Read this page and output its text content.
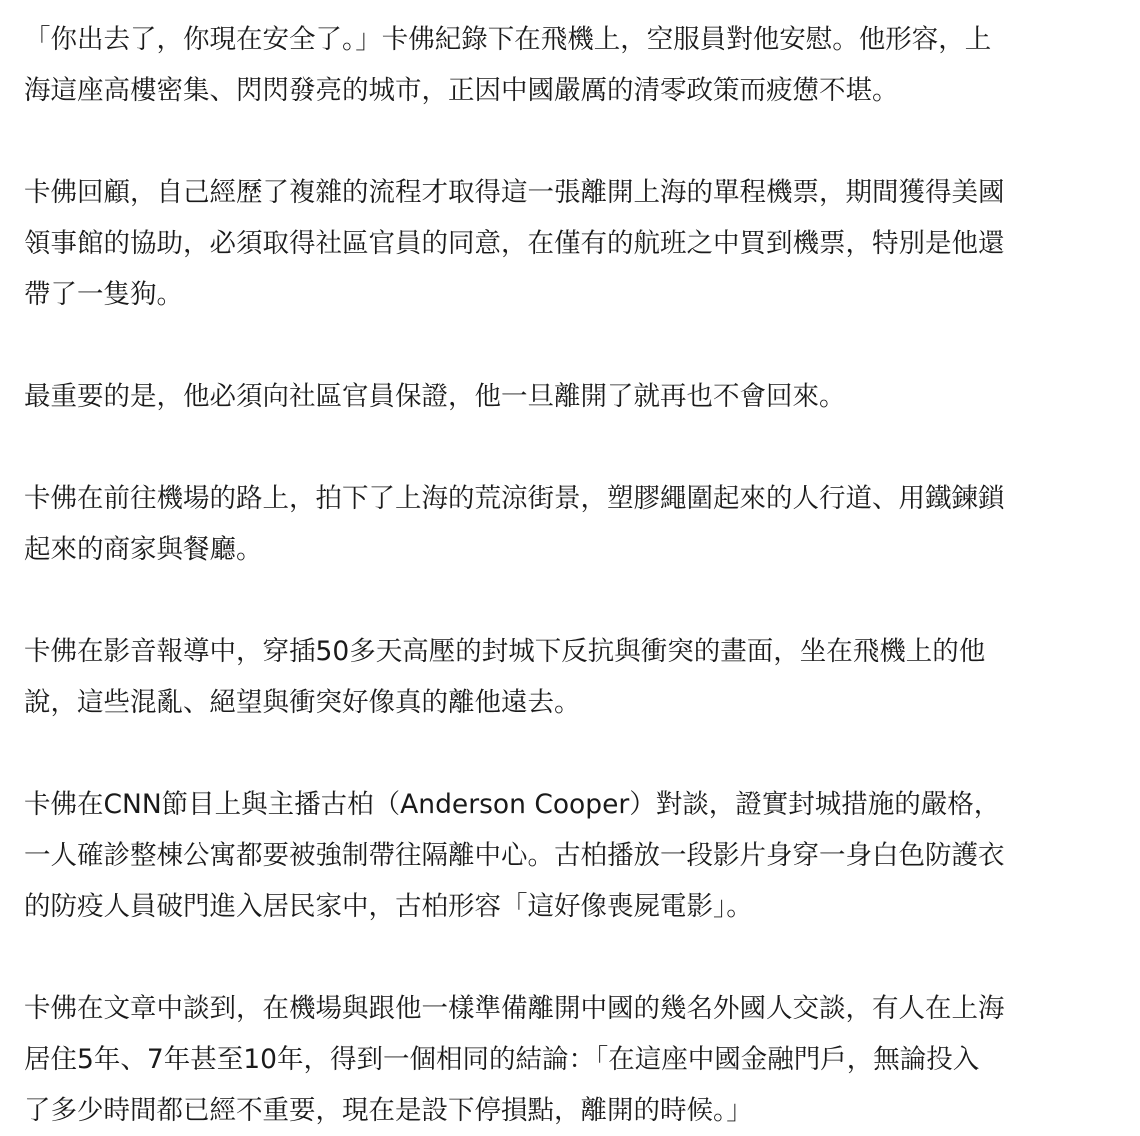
「你出去了，你現在安全了。」卡佛紀錄下在飛機上，空服員對他安慰。他形容，上
海這座高樓密集、閃閃發亮的城市，正因中國嚴厲的清零政策而疲憊不堪。

卡佛回顧，自己經歷了複雜的流程才取得這一張離開上海的單程機票，期間獲得美國
領事館的協助，必須取得社區官員的同意，在僅有的航班之中買到機票，特別是他還
帶了一隻狗。

最重要的是，他必須向社區官員保證，他一旦離開了就再也不會回來。

卡佛在前往機場的路上，拍下了上海的荒涼街景，塑膠繩圍起來的人行道、用鐵鍊鎖
起來的商家與餐廳。

卡佛在影音報導中，穿插50多天高壓的封城下反抗與衝突的畫面，坐在飛機上的他
說，這些混亂、絕望與衝突好像真的離他遠去。

卡佛在CNN節目上與主播古柏（Anderson Cooper）對談，證實封城措施的嚴格，
一人確診整棟公寓都要被強制帶往隔離中心。古柏播放一段影片身穿一身白色防護衣
的防疫人員破門進入居民家中，古柏形容「這好像喪屍電影」。

卡佛在文章中談到，在機場與跟他一樣準備離開中國的幾名外國人交談，有人在上海
居住5年、7年甚至10年，得到一個相同的結論：「在這座中國金融門戶，無論投入
了多少時間都已經不重要，現在是設下停損點，離開的時候。」
